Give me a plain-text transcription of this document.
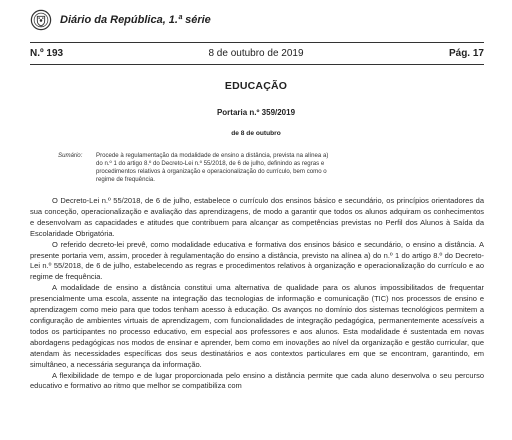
Diário da República, 1.ª série
N.º 193	8 de outubro de 2019	Pág. 17
EDUCAÇÃO
Portaria n.º 359/2019
de 8 de outubro
Sumário: Procede à regulamentação da modalidade de ensino a distância, prevista na alínea a)
do n.º 1 do artigo 8.º do Decreto-Lei n.º 55/2018, de 6 de julho, definindo as regras e
procedimentos relativos à organização e operacionalização do currículo, bem como o
regime de frequência.

O Decreto-Lei n.º 55/2018, de 6 de julho, estabelece o currículo dos ensinos básico e secundário, os princípios orientadores da sua conceção, operacionalização e avaliação das aprendizagens, de modo a garantir que todos os alunos adquiram os conhecimentos e desenvolvam as capacidades e atitudes que contribuem para alcançar as competências previstas no Perfil dos Alunos à Saída da Escolaridade Obrigatória.

O referido decreto-lei prevê, como modalidade educativa e formativa dos ensinos básico e secundário, o ensino a distância. A presente portaria vem, assim, proceder à regulamentação do ensino a distância, previsto na alínea a) do n.º 1 do artigo 8.º do Decreto-Lei n.º 55/2018, de 6 de julho, estabelecendo as regras e procedimentos relativos à organização e operacionalização do currículo e ao regime de frequência.

A modalidade de ensino a distância constitui uma alternativa de qualidade para os alunos impossibilitados de frequentar presencialmente uma escola, assente na integração das tecnologias de informação e comunicação (TIC) nos processos de ensino e aprendizagem como meio para que todos tenham acesso à educação. Os avanços no domínio dos sistemas tecnológicos permitem a configuração de ambientes virtuais de aprendizagem, com funcionalidades de integração pedagógica, permanentemente acessíveis a todos os participantes no processo educativo, em especial aos professores e aos alunos. Esta modalidade é sustentada em novas abordagens pedagógicas nos modos de ensinar e aprender, bem como em inovações ao nível da organização e gestão curricular, que atendam às necessidades específicas dos seus destinatários e aos contextos particulares em que se encontram, garantindo, em simultâneo, a necessária segurança da informação.

A flexibilidade de tempo e de lugar proporcionada pelo ensino a distância permite que cada aluno desenvolva o seu percurso educativo e formativo ao ritmo que melhor se compatibiliza com
